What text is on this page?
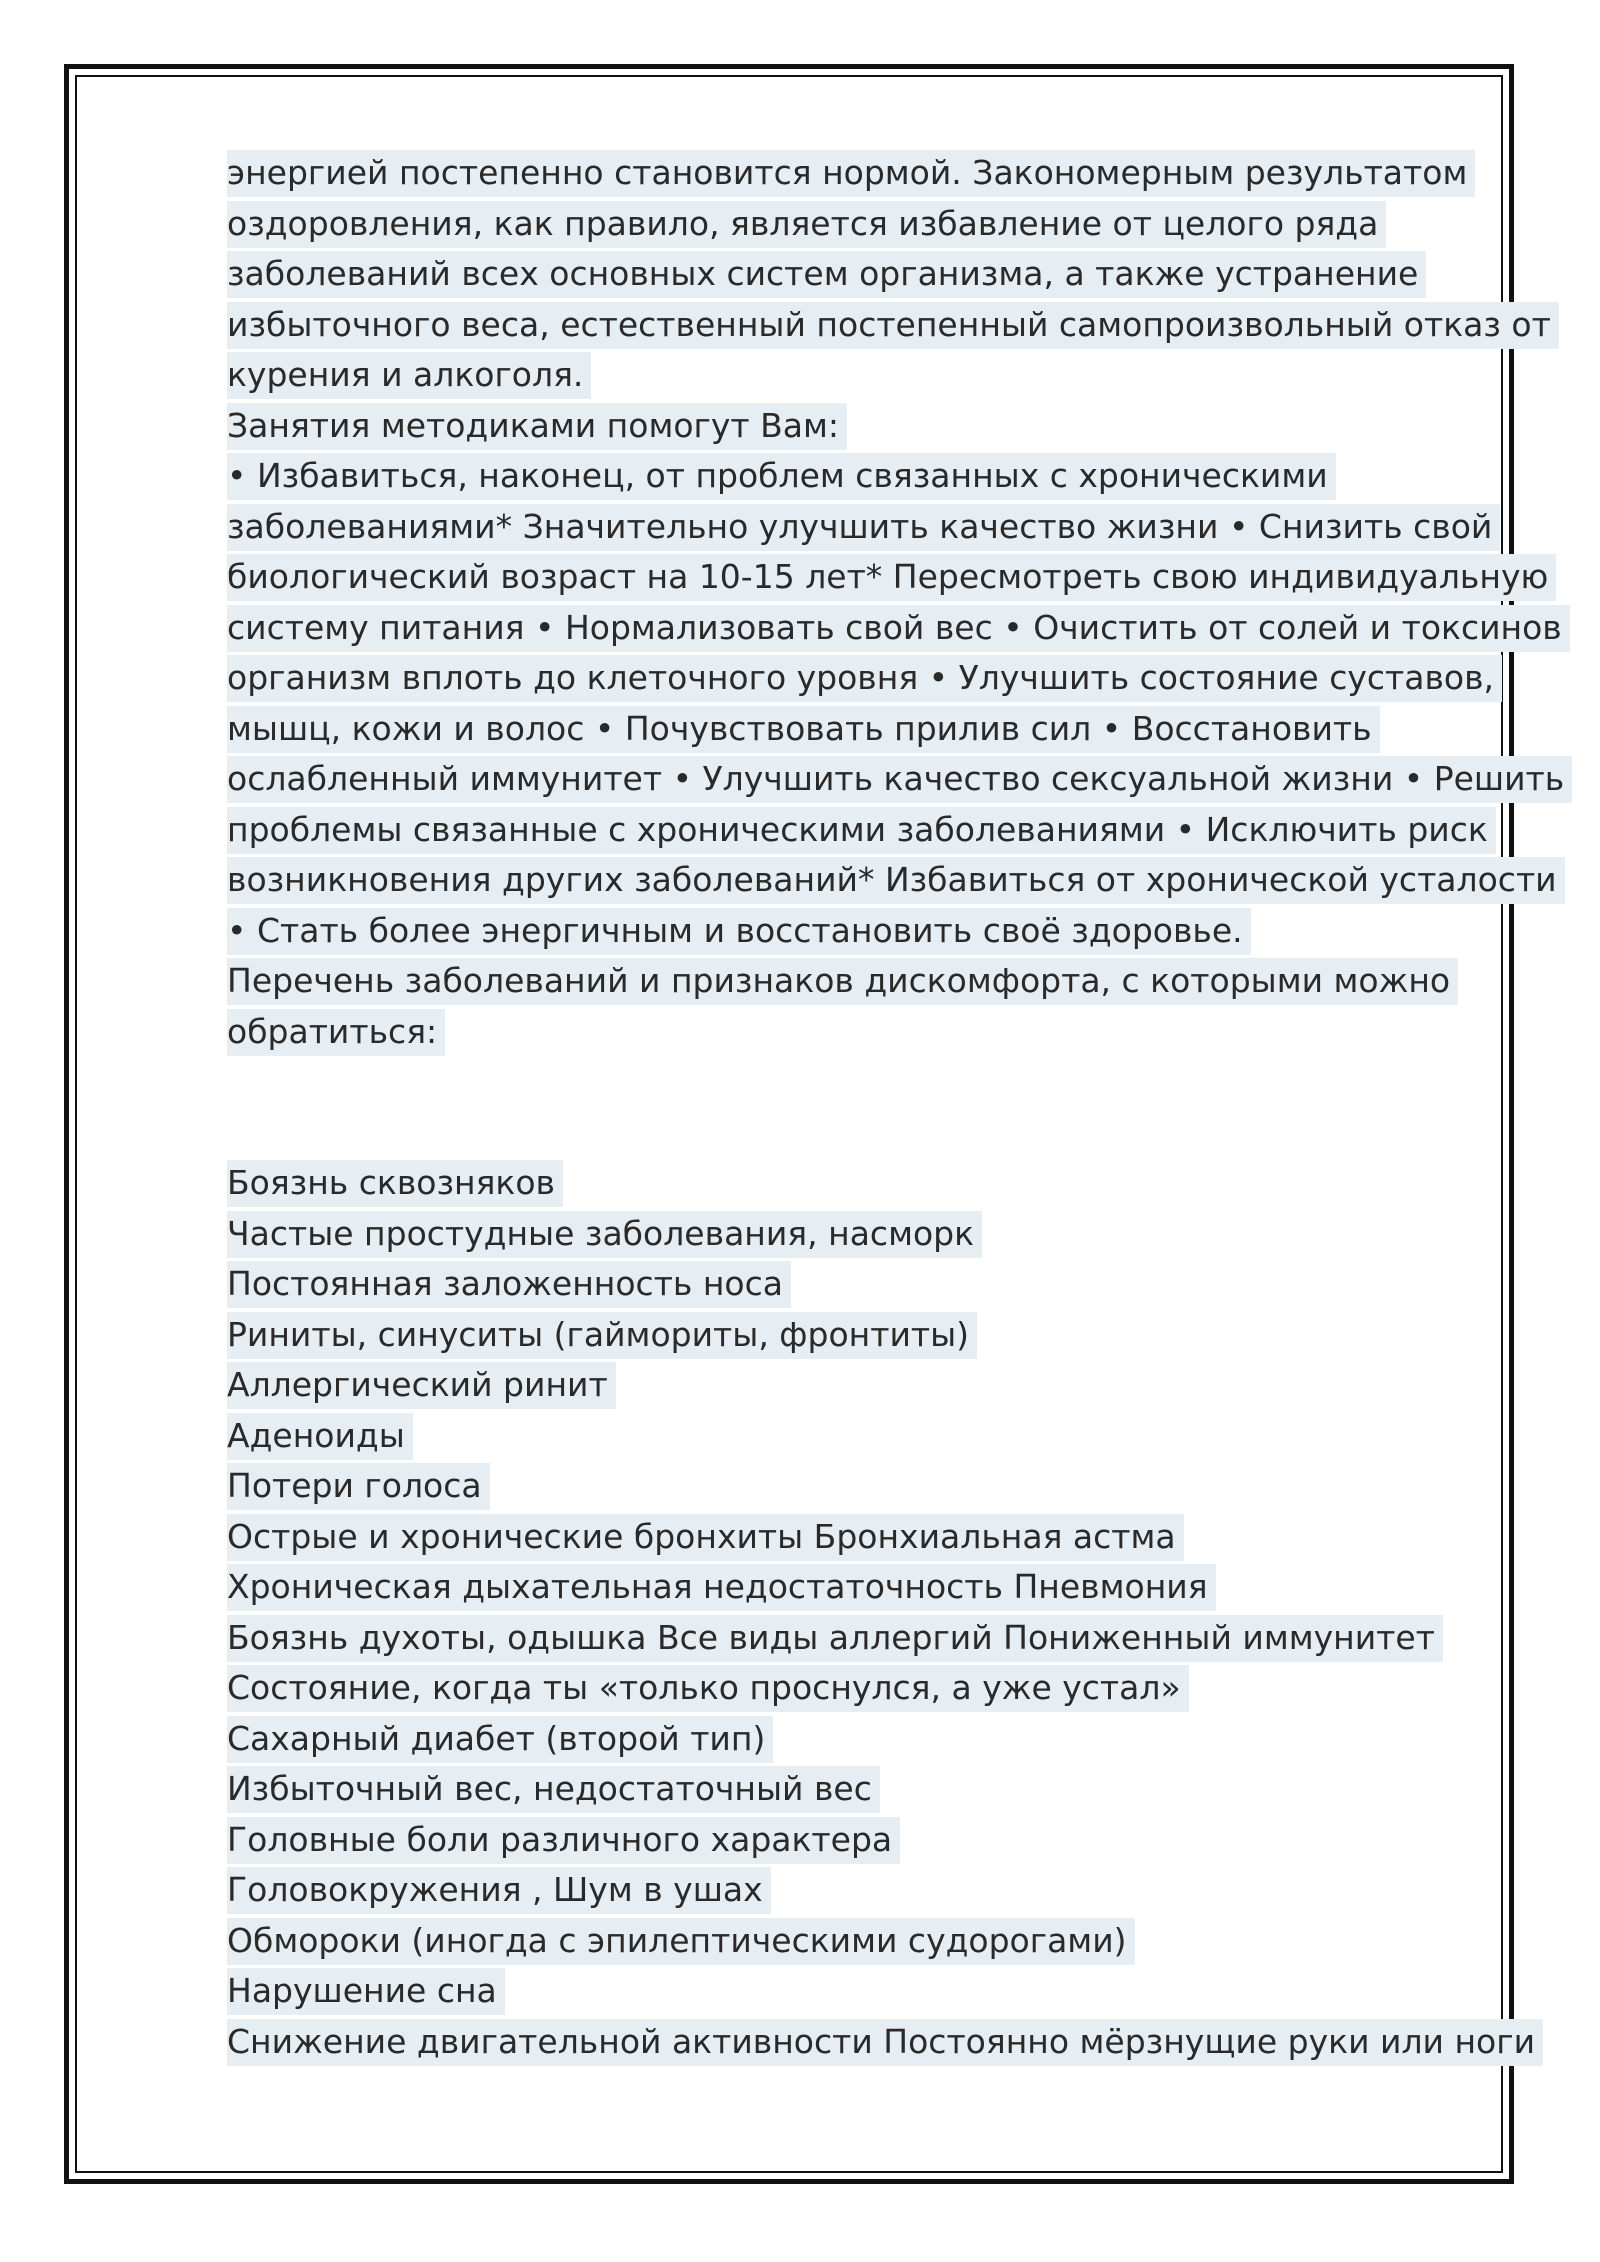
энергией постепенно становится нормой. Закономерным результатом
оздоровления, как правило, является избавление от целого ряда
заболеваний всех основных систем организма, а также устранение
избыточного веса, естественный постепенный самопроизвольный отказ от
курения и алкоголя.
Занятия методиками помогут Вам:
• Избавиться, наконец, от проблем связанных с хроническими
заболеваниями* Значительно улучшить качество жизни • Снизить свой
биологический возраст на 10-15 лет* Пересмотреть свою индивидуальную
систему питания • Нормализовать свой вес • Очистить от солей и токсинов
организм вплоть до клеточного уровня • Улучшить состояние суставов,
мышц, кожи и волос • Почувствовать прилив сил • Восстановить
ослабленный иммунитет • Улучшить качество сексуальной жизни • Решить
проблемы связанные с хроническими заболеваниями • Исключить риск
возникновения других заболеваний* Избавиться от хронической усталости
• Стать более энергичным и восстановить своё здоровье.
Перечень заболеваний и признаков дискомфорта, с которыми можно
обратиться:
Боязнь сквозняков
Частые простудные заболевания, насморк
Постоянная заложенность носа
Риниты, синуситы (гаймориты, фронтиты)
Аллергический ринит
Аденоиды
Потери голоса
Острые и хронические бронхиты Бронхиальная астма
Хроническая дыхательная недостаточность Пневмония
Боязнь духоты, одышка Все виды аллергий Пониженный иммунитет
Состояние, когда ты «только проснулся, а уже устал»
Сахарный диабет (второй тип)
Избыточный вес, недостаточный вес
Головные боли различного характера
Головокружения , Шум в ушах
Обмороки (иногда с эпилептическими судорогами)
Нарушение сна
Снижение двигательной активности Постоянно мёрзнущие руки или ноги
